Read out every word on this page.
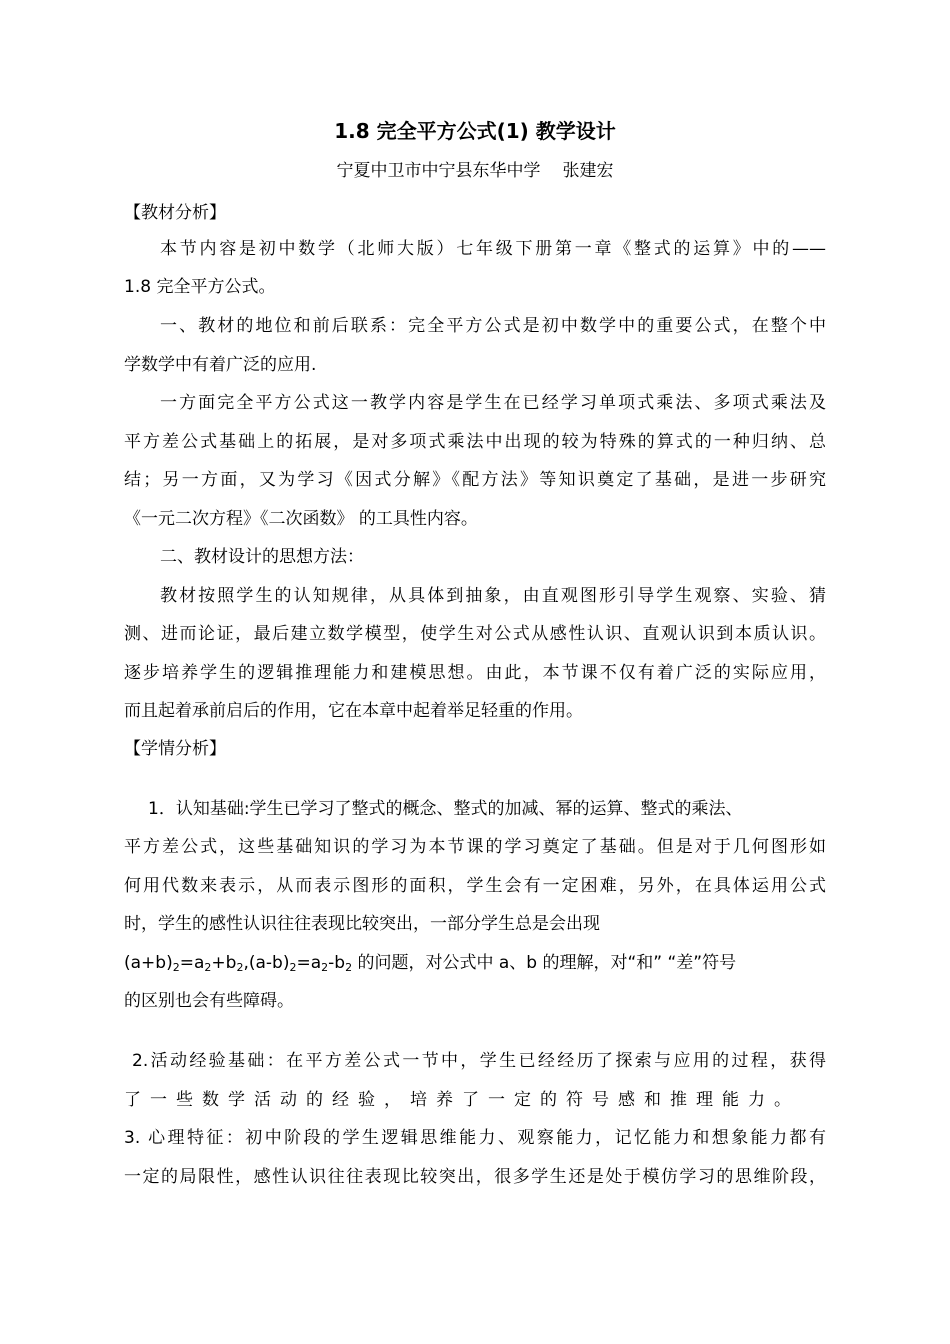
1.8 完全平方公式(1) 教学设计
宁夏中卫市中宁县东华中学 张建宏
【教材分析】
本节内容是初中数学（北师大版）七年级下册第一章《整式的运算》中的——
1.8 完全平方公式。
一、教材的地位和前后联系：完全平方公式是初中数学中的重要公式，在整个中
学数学中有着广泛的应用.
一方面完全平方公式这一教学内容是学生在已经学习单项式乘法、多项式乘法及
平方差公式基础上的拓展，是对多项式乘法中出现的较为特殊的算式的一种归纳、总
结；另一方面，又为学习《因式分解》《配方法》等知识奠定了基础，是进一步研究
《一元二次方程》《二次函数》 的工具性内容。
二、教材设计的思想方法：
教材按照学生的认知规律，从具体到抽象，由直观图形引导学生观察、实验、猜
测、进而论证，最后建立数学模型，使学生对公式从感性认识、直观认识到本质认识。
逐步培养学生的逻辑推理能力和建模思想。由此，本节课不仅有着广泛的实际应用，
而且起着承前启后的作用，它在本章中起着举足轻重的作用。
【学情分析】
1．认知基础:学生已学习了整式的概念、整式的加减、幂的运算、整式的乘法、
平方差公式，这些基础知识的学习为本节课的学习奠定了基础。但是对于几何图形如
何用代数来表示，从而表示图形的面积，学生会有一定困难，另外，在具体运用公式
时，学生的感性认识往往表现比较突出，一部分学生总是会出现
$(a+b)_2=a_2+b_2,(a-b)_2=a_2-b_2$ 的问题，对公式中 a、b 的理解，对“和” “差”符号
的区别也会有些障碍。
2.活动经验基础：在平方差公式一节中，学生已经经历了探索与应用的过程，获得
了一些数学活动的经验，培养了一定的符号感和推理能力。
3. 心理特征：初中阶段的学生逻辑思维能力、观察能力，记忆能力和想象能力都有
一定的局限性，感性认识往往表现比较突出，很多学生还是处于模仿学习的思维阶段，
